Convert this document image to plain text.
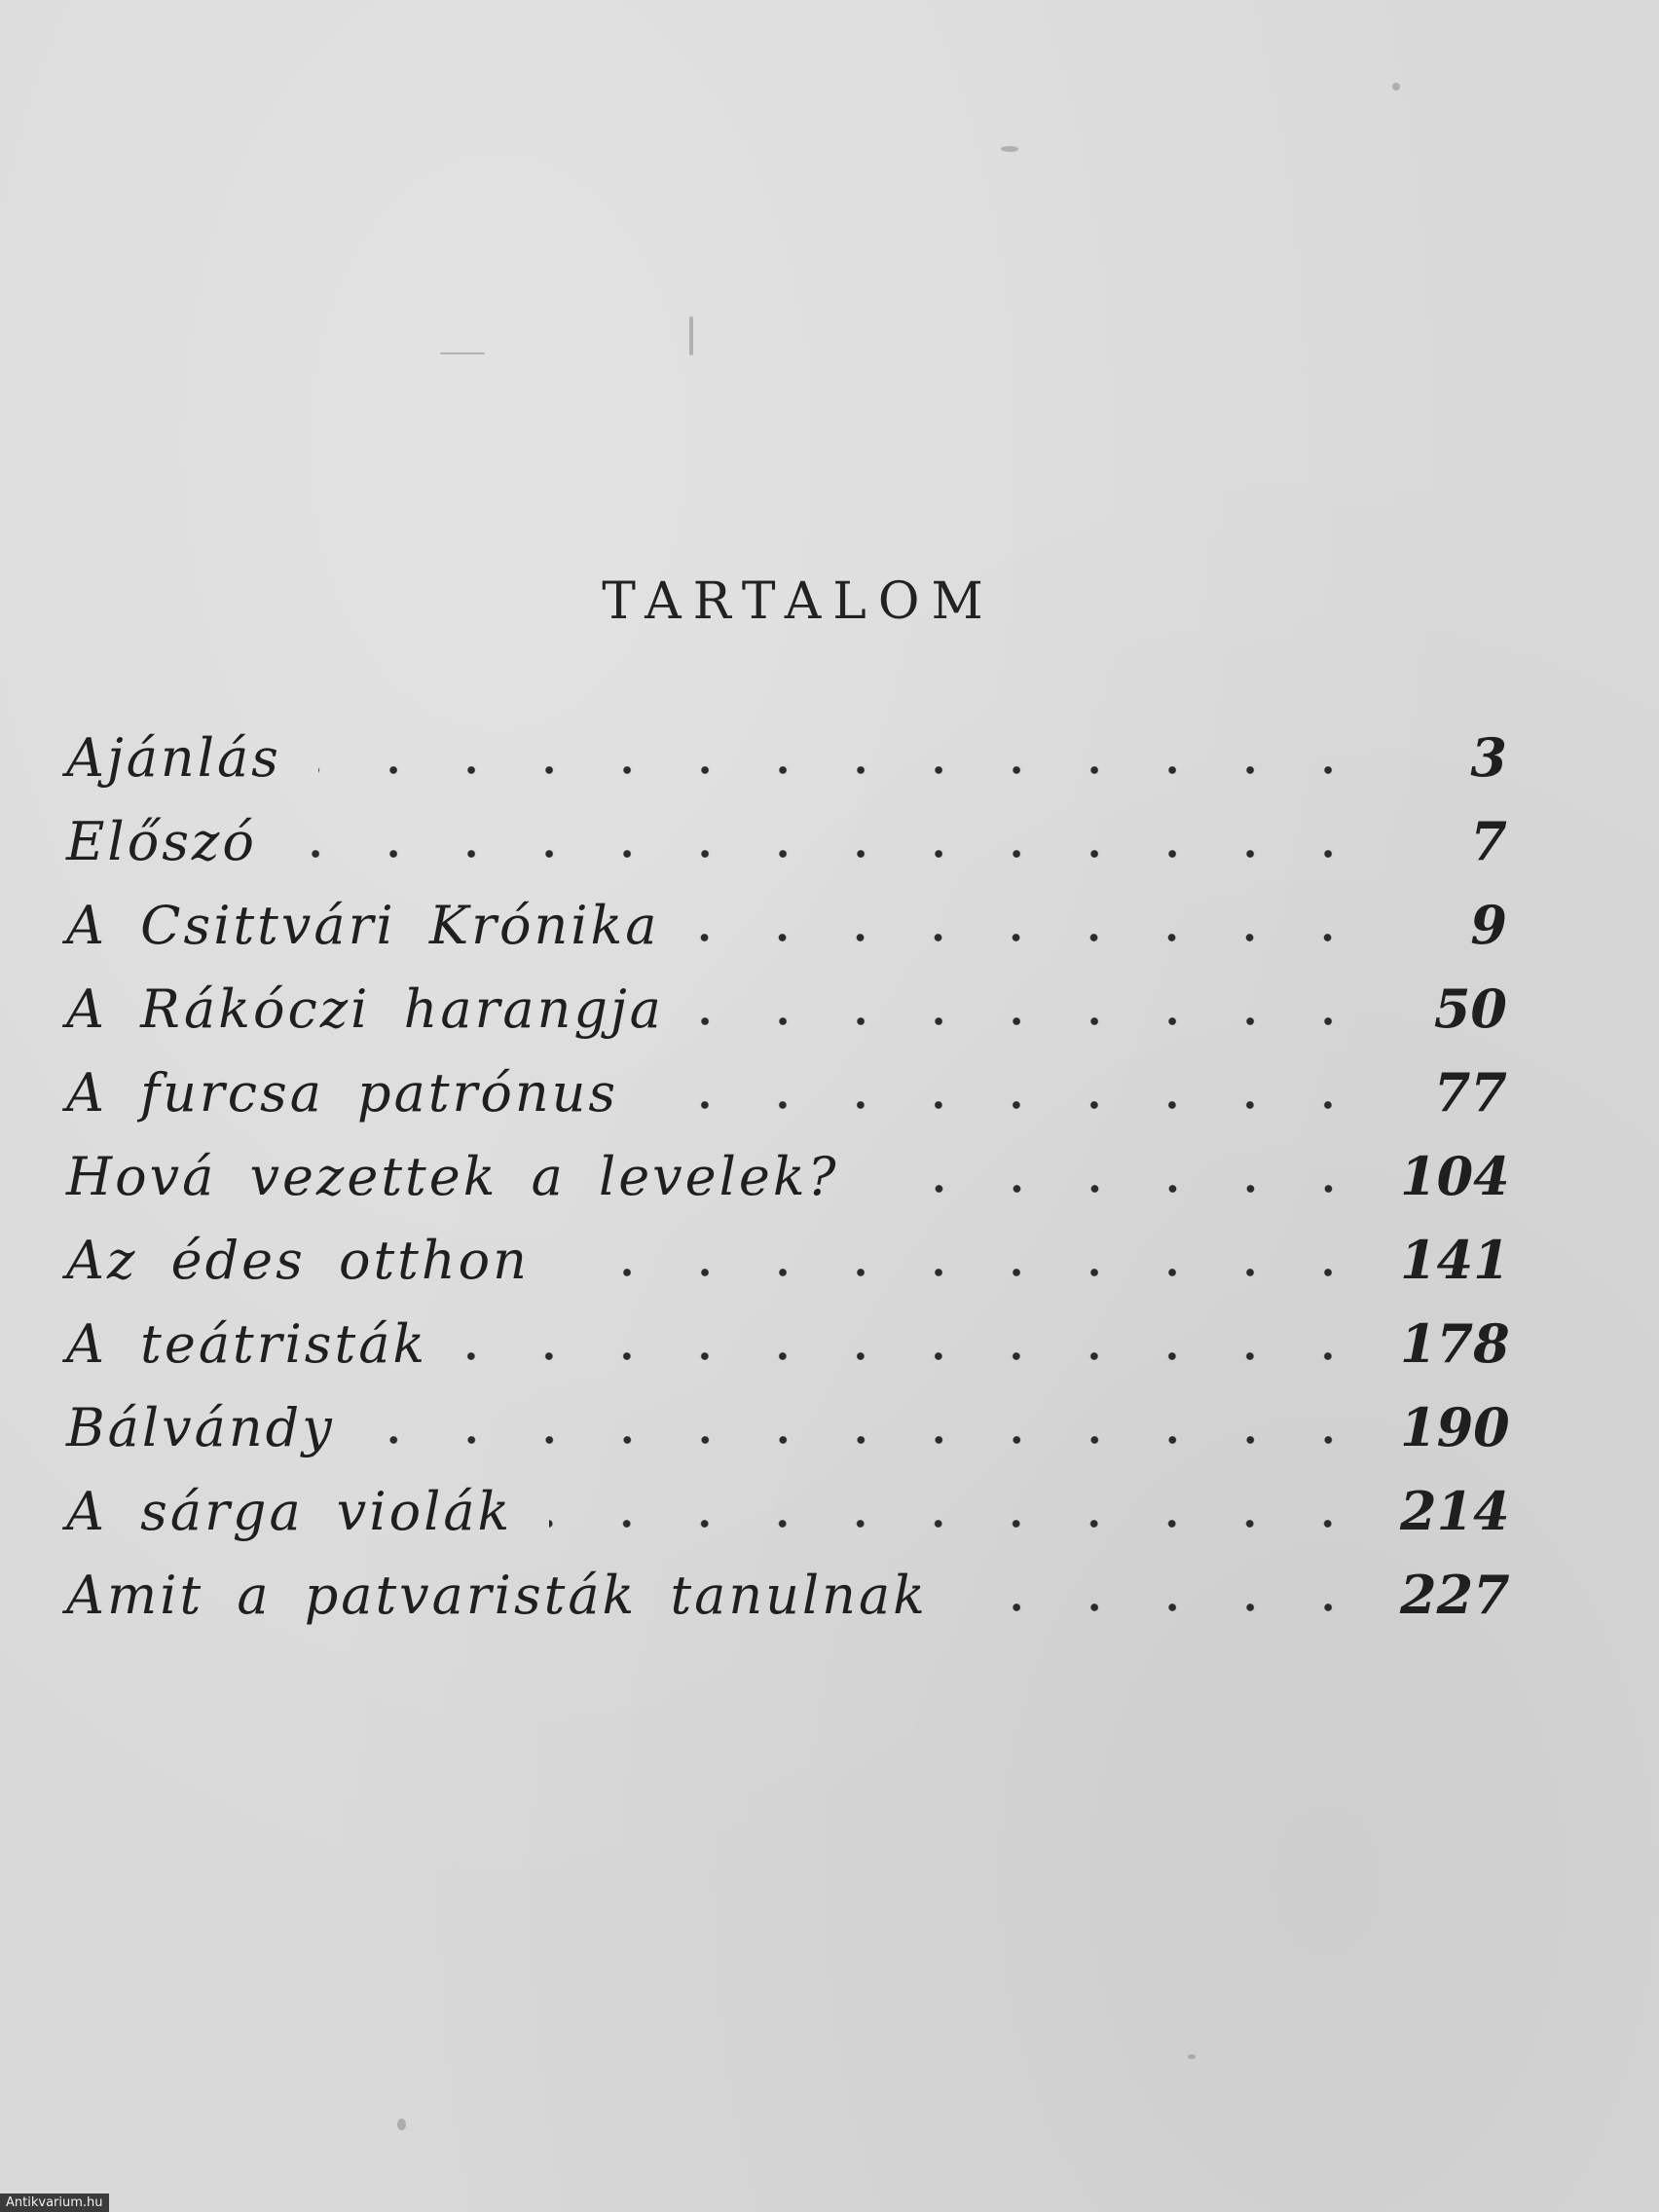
TARTALOM
Ajánlás	3
Előszó	7
A Csittvári Krónika	9
A Rákóczi harangja	50
A furcsa patrónus	77
Hová vezettek a levelek?	104
Az édes otthon	141
A teátristák	178
Bálvándy	190
A sárga violák	214
Amit a patvaristák tanulnak	227
Antikvarium.hu
